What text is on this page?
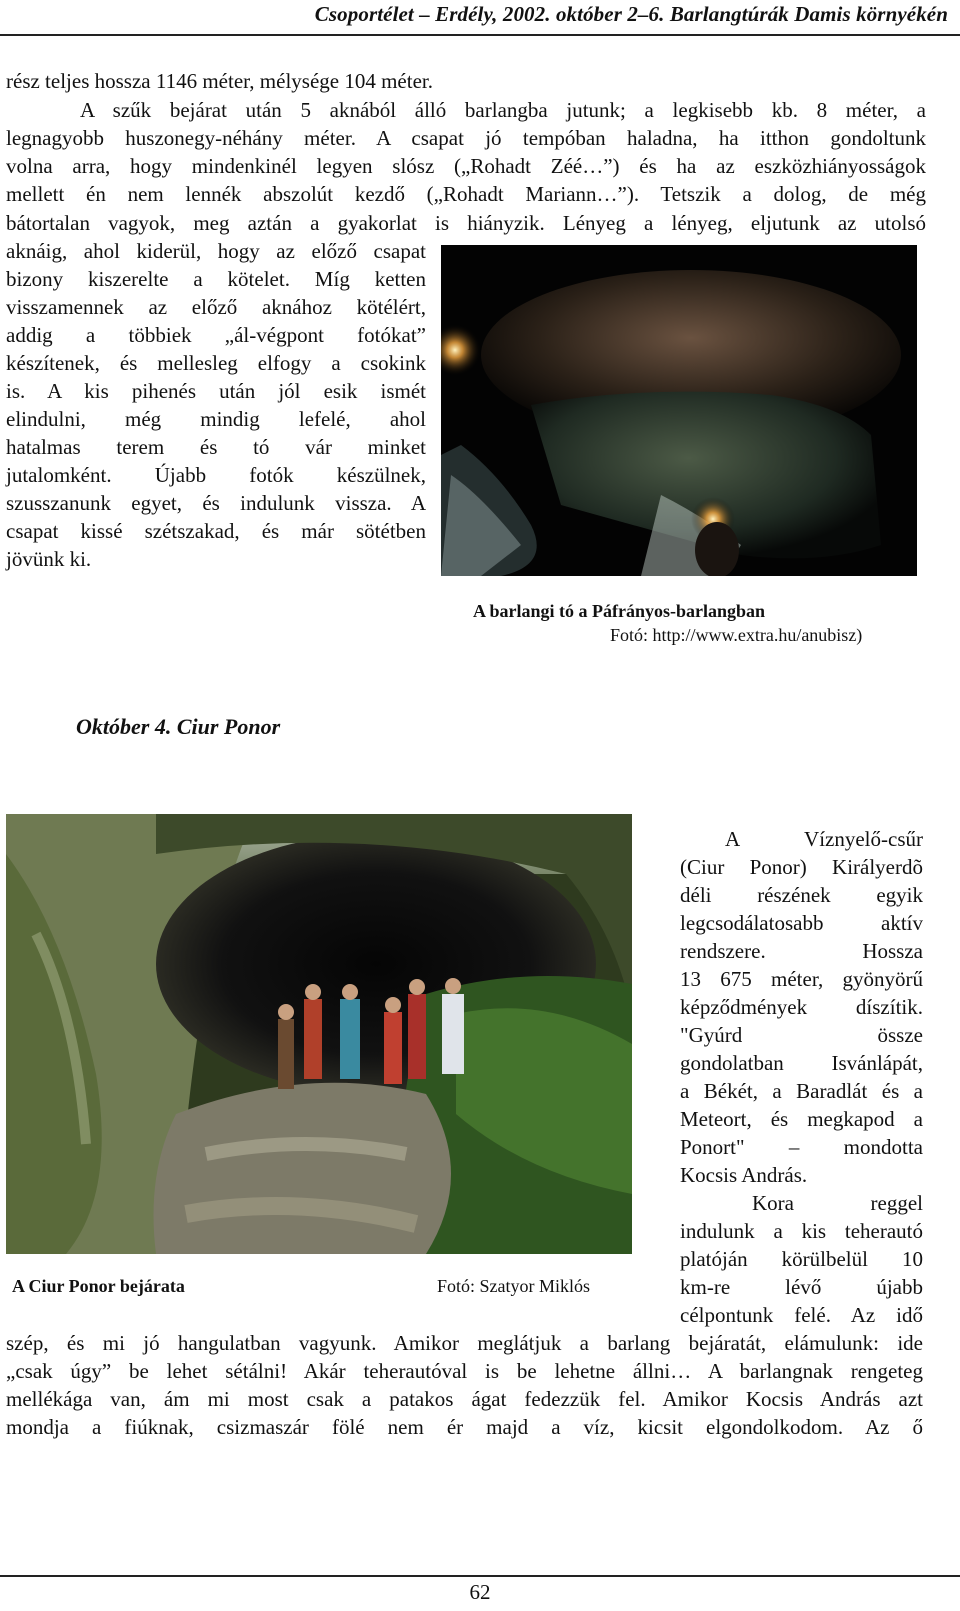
Csoportélet – Erdély, 2002. október 2–6. Barlangtúrák Damis környékén
rész teljes hossza 1146 méter, mélysége 104 méter.
A szűk bejárat után 5 aknából álló barlangba jutunk; a legkisebb kb. 8 méter, a
legnagyobb huszonegy-néhány méter. A csapat jó tempóban haladna, ha itthon gondoltunk
volna arra, hogy mindenkinél legyen slósz („Rohadt Zéé…”) és ha az eszközhiányosságok
mellett én nem lennék abszolút kezdő („Rohadt Mariann…”). Tetszik a dolog, de még
bátortalan vagyok, meg aztán a gyakorlat is hiányzik. Lényeg a lényeg, eljutunk az utolsó
aknáig, ahol kiderül, hogy az előző csapat
bizony kiszerelte a kötelet. Míg ketten
visszamennek az előző aknához kötélért,
addig a többiek „ál-végpont fotókat”
készítenek, és mellesleg elfogy a csokink
is. A kis pihenés után jól esik ismét
elindulni, még mindig lefelé, ahol
hatalmas terem és tó vár minket
jutalomként. Újabb fotók készülnek,
szusszanunk egyet, és indulunk vissza. A
csapat kissé szétszakad, és már sötétben
jövünk ki.
A barlangi tó a Páfrányos-barlangban
Fotó: http://www.extra.hu/anubisz)
Október 4. Ciur Ponor
A Ciur Ponor bejárata	Fotó: Szatyor Miklós
A Víznyelő-csűr
(Ciur Ponor) Királyerdõ
déli részének egyik
legcsodálatosabb aktív
rendszere. Hossza
13 675 méter, gyönyörű
képződmények díszítik.
"Gyúrd össze
gondolatban Isvánlápát,
a Békét, a Baradlát és a
Meteort, és megkapod a
Ponort" – mondotta
Kocsis András.
Kora reggel
indulunk a kis teherautó
platóján körülbelül 10
km-re lévő újabb
célpontunk felé. Az idő
szép, és mi jó hangulatban vagyunk. Amikor meglátjuk a barlang bejáratát, elámulunk: ide
„csak úgy” be lehet sétálni! Akár teherautóval is be lehetne állni… A barlangnak rengeteg
mellékága van, ám mi most csak a patakos ágat fedezzük fel. Amikor Kocsis András azt
mondja a fiúknak, csizmaszár fölé nem ér majd a víz, kicsit elgondolkodom. Az ő
62
